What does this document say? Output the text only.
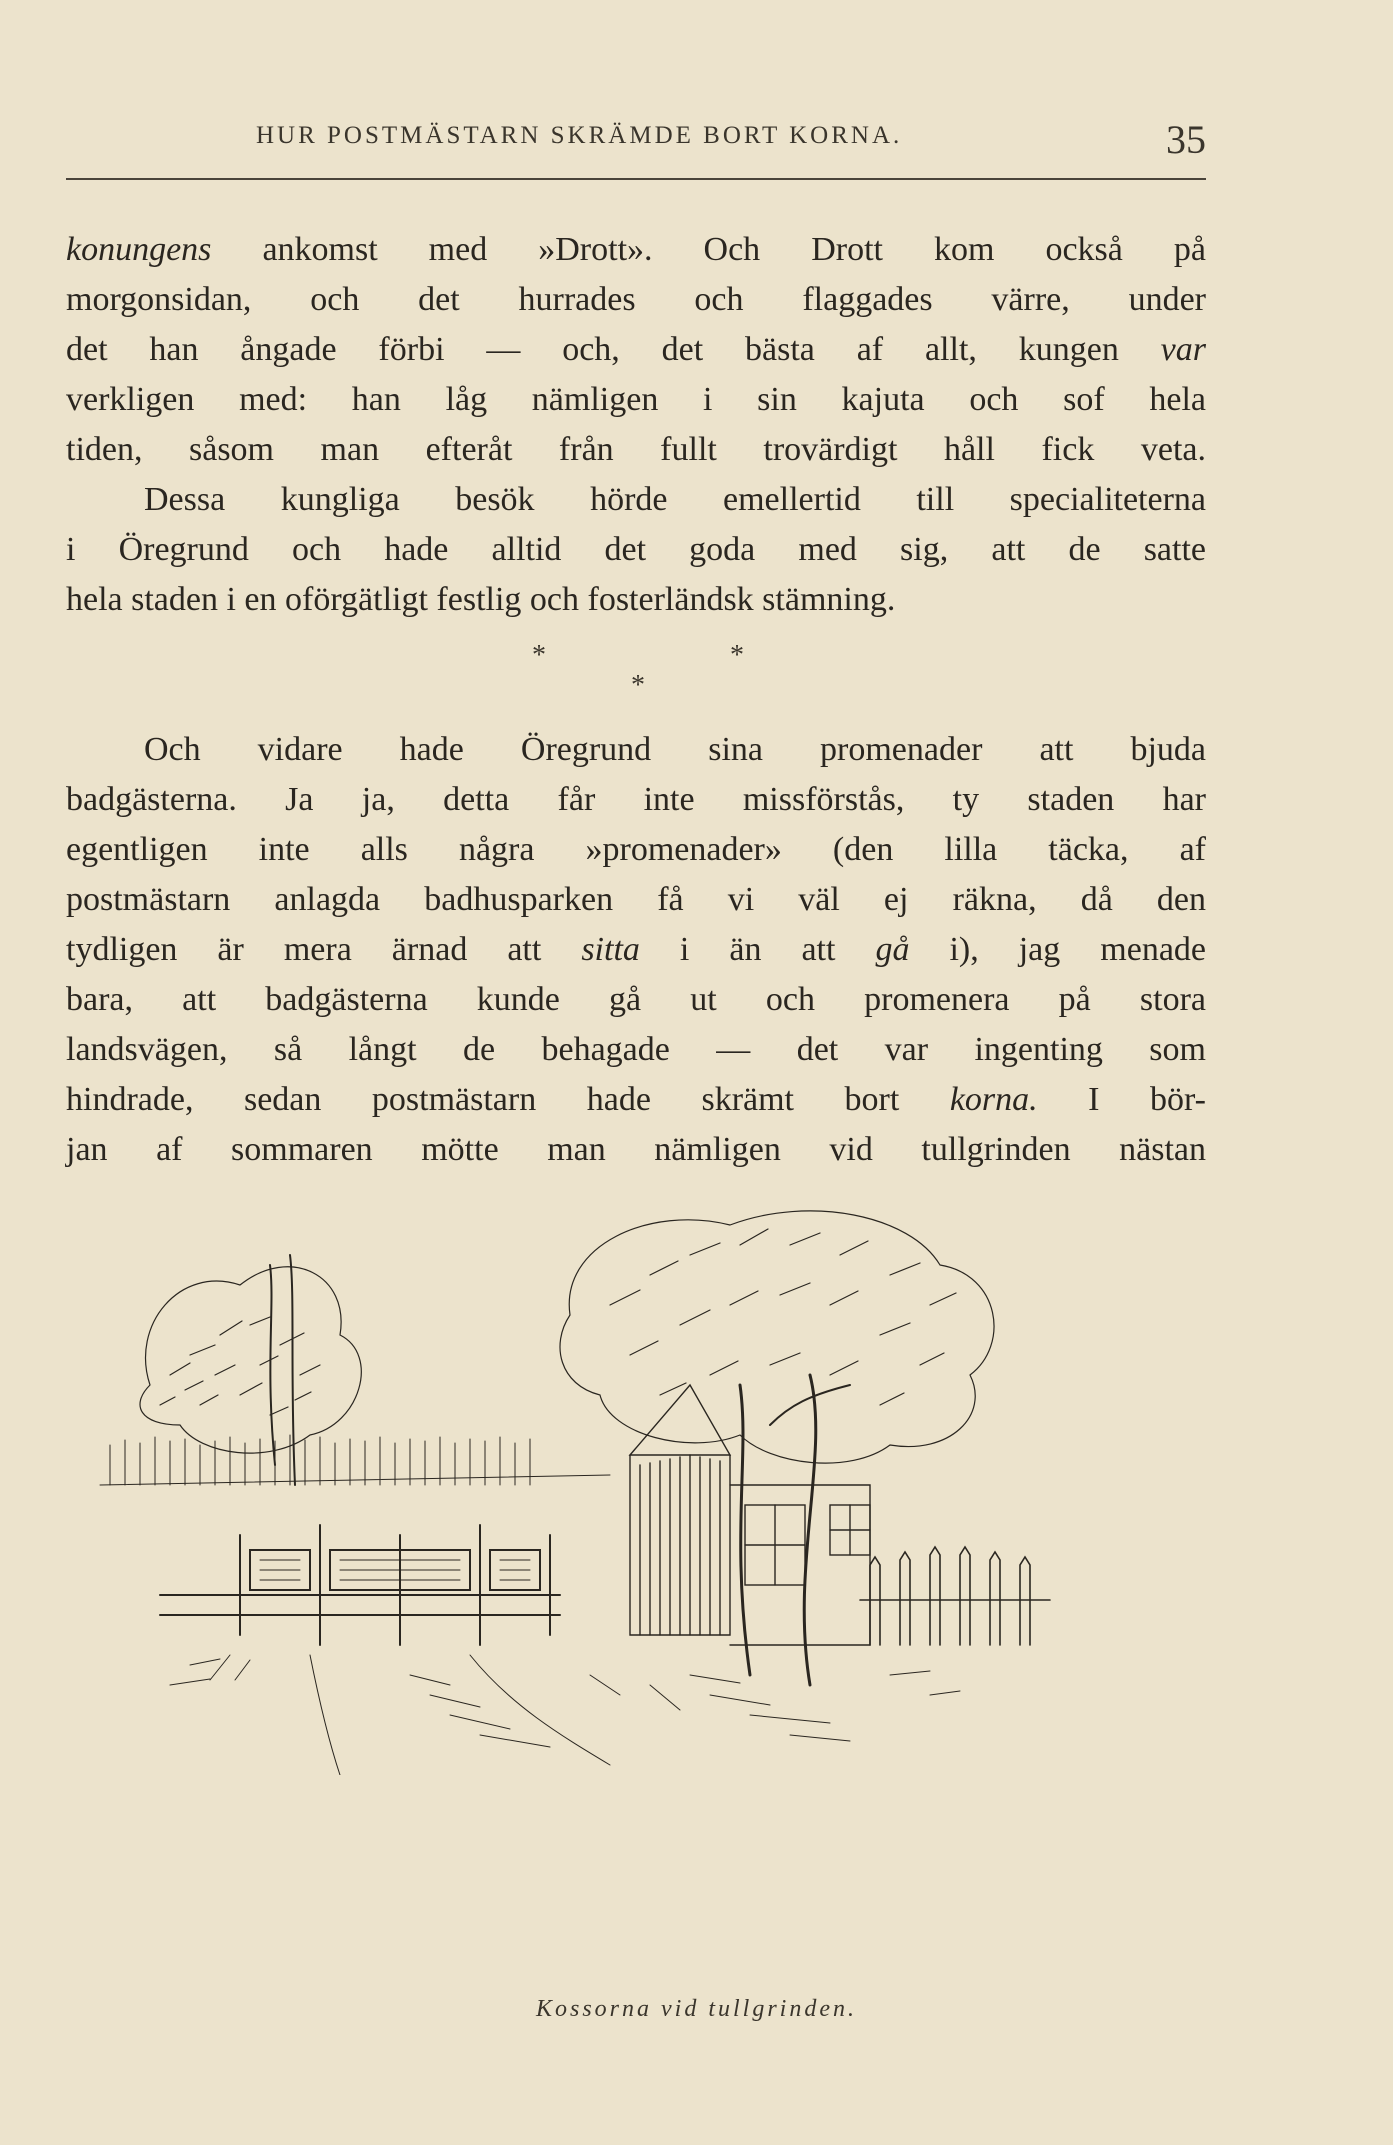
HUR POSTMÄSTARN SKRÄMDE BORT KORNA.	35
konungens ankomst med »Drott». Och Drott kom också på
morgonsidan, och det hurrades och flaggades värre, under
det han ångade förbi — och, det bästa af allt, kungen var
verkligen med: han låg nämligen i sin kajuta och sof hela
tiden, såsom man efteråt från fullt trovärdigt håll fick veta.
Dessa kungliga besök hörde emellertid till specialiteterna
i Öregrund och hade alltid det goda med sig, att de satte
hela staden i en oförgätligt festlig och fosterländsk stämning.
*	*
*
Och vidare hade Öregrund sina promenader att bjuda
badgästerna. Ja ja, detta får inte missförstås, ty staden har
egentligen inte alls några »promenader» (den lilla täcka, af
postmästarn anlagda badhusparken få vi väl ej räkna, då den
tydligen är mera ärnad att sitta i än att gå i), jag menade
bara, att badgästerna kunde gå ut och promenera på stora
landsvägen, så långt de behagade — det var ingenting som
hindrade, sedan postmästarn hade skrämt bort korna. I bör-
jan af sommaren mötte man nämligen vid tullgrinden nästan
Kossorna vid tullgrinden.
